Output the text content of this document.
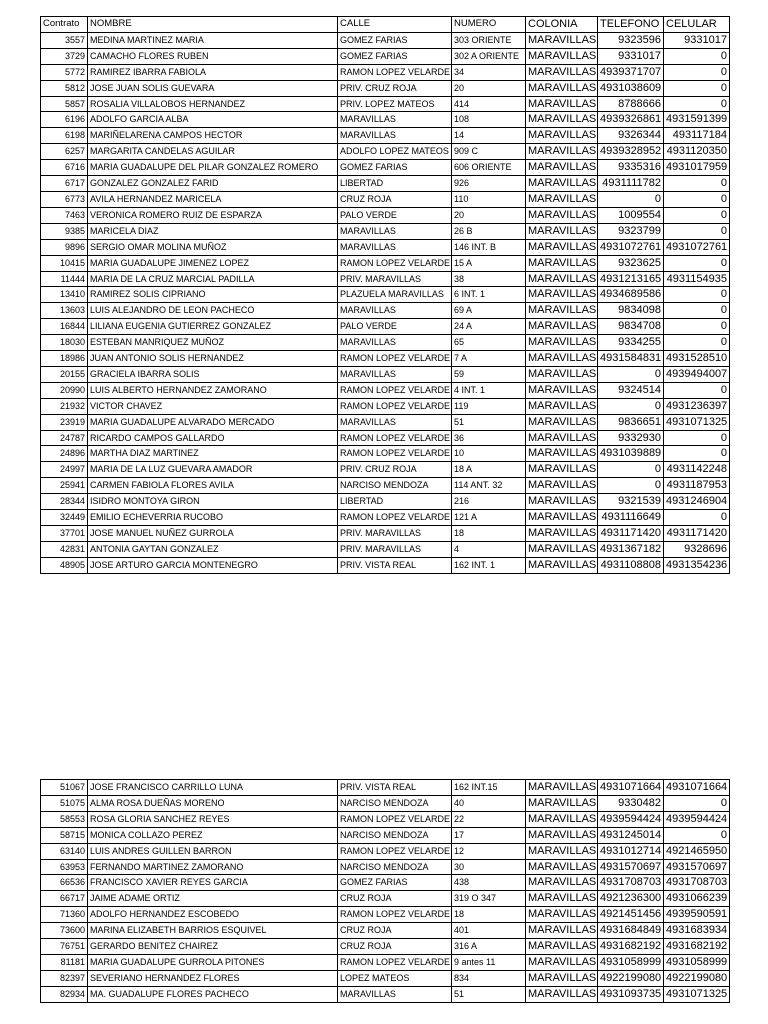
Contrato	NOMBRE	CALLE	NUMERO	COLONIA	TELEFONO	CELULAR
3557	MEDINA MARTINEZ MARIA	GOMEZ FARIAS	303 ORIENTE	MARAVILLAS	9323596	9331017
3729	CAMACHO FLORES RUBEN	GOMEZ FARIAS	302 A ORIENTE	MARAVILLAS	9331017	0
5772	RAMIREZ IBARRA FABIOLA	RAMON LOPEZ VELARDE	34	MARAVILLAS	4939371707	0
5812	JOSE JUAN SOLIS GUEVARA	PRIV. CRUZ ROJA	20	MARAVILLAS	4931038609	0
5857	ROSALIA VILLALOBOS HERNANDEZ	PRIV. LOPEZ MATEOS	414	MARAVILLAS	8788666	0
6196	ADOLFO GARCIA ALBA	MARAVILLAS	108	MARAVILLAS	4939326861	4931591399
6198	MARIÑELARENA CAMPOS HECTOR	MARAVILLAS	14	MARAVILLAS	9326344	493117184
6257	MARGARITA CANDELAS AGUILAR	ADOLFO LOPEZ MATEOS	909 C	MARAVILLAS	4939328952	4931120350
6716	MARIA GUADALUPE DEL PILAR GONZALEZ ROMERO	GOMEZ FARIAS	606 ORIENTE	MARAVILLAS	9335316	4931017959
6717	GONZALEZ GONZALEZ FARID	LIBERTAD	926	MARAVILLAS	4931111782	0
6773	AVILA HERNANDEZ MARICELA	CRUZ ROJA	110	MARAVILLAS	0	0
7463	VERONICA ROMERO RUIZ DE ESPARZA	PALO VERDE	20	MARAVILLAS	1009554	0
9385	MARICELA DIAZ	MARAVILLAS	26 B	MARAVILLAS	9323799	0
9896	SERGIO OMAR MOLINA MUÑOZ	MARAVILLAS	146 INT. B	MARAVILLAS	4931072761	4931072761
10415	MARIA GUADALUPE JIMENEZ LOPEZ	RAMON LOPEZ VELARDE	15 A	MARAVILLAS	9323625	0
11444	MARIA DE LA CRUZ MARCIAL PADILLA	PRIV. MARAVILLAS	38	MARAVILLAS	4931213165	4931154935
13410	RAMIREZ SOLIS CIPRIANO	PLAZUELA MARAVILLAS	6 INT. 1	MARAVILLAS	4934689586	0
13603	LUIS ALEJANDRO DE LEON PACHECO	MARAVILLAS	69 A	MARAVILLAS	9834098	0
16844	LILIANA EUGENIA GUTIERREZ GONZALEZ	PALO VERDE	24 A	MARAVILLAS	9834708	0
18030	ESTEBAN MANRIQUEZ MUÑOZ	MARAVILLAS	65	MARAVILLAS	9334255	0
18986	JUAN ANTONIO SOLIS HERNANDEZ	RAMON LOPEZ VELARDE	7 A	MARAVILLAS	4931584831	4931528510
20155	GRACIELA IBARRA SOLIS	MARAVILLAS	59	MARAVILLAS	0	4939494007
20990	LUIS ALBERTO HERNANDEZ ZAMORANO	RAMON LOPEZ VELARDE	4 INT. 1	MARAVILLAS	9324514	0
21932	VICTOR CHAVEZ	RAMON LOPEZ VELARDE	119	MARAVILLAS	0	4931236397
23919	MARIA GUADALUPE ALVARADO MERCADO	MARAVILLAS	51	MARAVILLAS	9836651	4931071325
24787	RICARDO CAMPOS GALLARDO	RAMON LOPEZ VELARDE	36	MARAVILLAS	9332930	0
24896	MARTHA DIAZ MARTINEZ	RAMON LOPEZ VELARDE	10	MARAVILLAS	4931039889	0
24997	MARIA DE LA LUZ GUEVARA AMADOR	PRIV. CRUZ ROJA	18 A	MARAVILLAS	0	4931142248
25941	CARMEN FABIOLA FLORES AVILA	NARCISO MENDOZA	114 ANT. 32	MARAVILLAS	0	4931187953
28344	ISIDRO MONTOYA GIRON	LIBERTAD	216	MARAVILLAS	9321539	4931246904
32449	EMILIO ECHEVERRIA RUCOBO	RAMON LOPEZ VELARDE	121 A	MARAVILLAS	4931116649	0
37701	JOSE MANUEL NUÑEZ GURROLA	PRIV. MARAVILLAS	18	MARAVILLAS	4931171420	4931171420
42831	ANTONIA GAYTAN GONZALEZ	PRIV. MARAVILLAS	4	MARAVILLAS	4931367182	9328696
48905	JOSE ARTURO GARCIA MONTENEGRO	PRIV. VISTA REAL	162 INT. 1	MARAVILLAS	4931108808	4931354236
51067	JOSE FRANCISCO CARRILLO LUNA	PRIV. VISTA REAL	162 INT.15	MARAVILLAS	4931071664	4931071664
51075	ALMA ROSA DUEÑAS MORENO	NARCISO MENDOZA	40	MARAVILLAS	9330482	0
58553	ROSA GLORIA SANCHEZ REYES	RAMON LOPEZ VELARDE	22	MARAVILLAS	4939594424	4939594424
58715	MONICA COLLAZO PEREZ	NARCISO MENDOZA	17	MARAVILLAS	4931245014	0
63140	LUIS ANDRES GUILLEN BARRON	RAMON LOPEZ VELARDE	12	MARAVILLAS	4931012714	4921465950
63953	FERNANDO MARTINEZ ZAMORANO	NARCISO MENDOZA	30	MARAVILLAS	4931570697	4931570697
66536	FRANCISCO XAVIER REYES GARCIA	GOMEZ FARIAS	438	MARAVILLAS	4931708703	4931708703
66717	JAIME ADAME ORTIZ	CRUZ ROJA	319 O 347	MARAVILLAS	4921236300	4931066239
71360	ADOLFO HERNANDEZ ESCOBEDO	RAMON LOPEZ VELARDE	18	MARAVILLAS	4921451456	4939590591
73600	MARINA ELIZABETH BARRIOS ESQUIVEL	CRUZ ROJA	401	MARAVILLAS	4931684849	4931683934
76751	GERARDO BENITEZ CHAIREZ	CRUZ ROJA	316 A	MARAVILLAS	4931682192	4931682192
81181	MARIA GUADALUPE GURROLA PITONES	RAMON LOPEZ VELARDE	9 antes 11	MARAVILLAS	4931058999	4931058999
82397	SEVERIANO HERNANDEZ FLORES	LOPEZ MATEOS	834	MARAVILLAS	4922199080	4922199080
82934	MA. GUADALUPE FLORES PACHECO	MARAVILLAS	51	MARAVILLAS	4931093735	4931071325
